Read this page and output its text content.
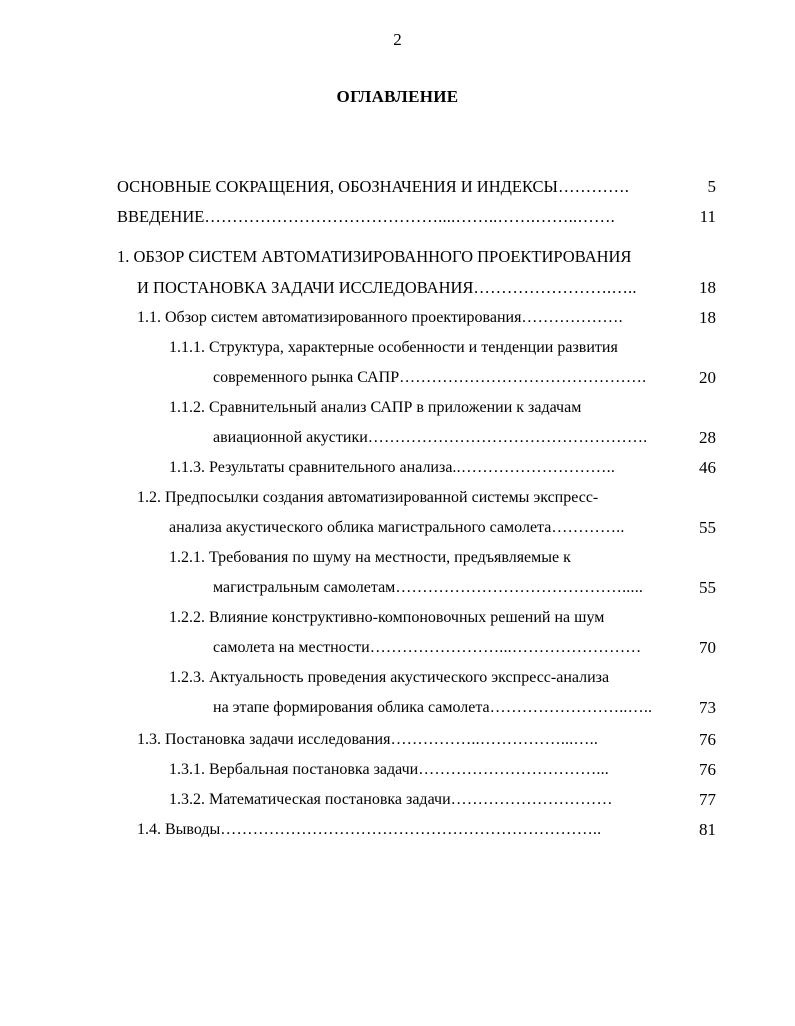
2
ОГЛАВЛЕНИЕ
ОСНОВНЫЕ СОКРАЩЕНИЯ, ОБОЗНАЧЕНИЯ И ИНДЕКСЫ………….	5
ВВЕДЕНИЕ……………………………………....……..…….……..…….	11
1. ОБЗОР СИСТЕМ АВТОМАТИЗИРОВАННОГО ПРОЕКТИРОВАНИЯ
И ПОСТАНОВКА ЗАДАЧИ ИССЛЕДОВАНИЯ…………………….…..	18
1.1. Обзор систем автоматизированного проектирования……………….	18
1.1.1. Структура, характерные особенности и тенденции развития
современного рынка САПР……………………………………….	20
1.1.2. Сравнительный анализ САПР в приложении к задачам
авиационной акустики…………………………………………….	28
1.1.3. Результаты сравнительного анализа..………………………..	46
1.2. Предпосылки создания автоматизированной системы экспресс-
анализа акустического облика магистрального самолета…………..	55
1.2.1. Требования по шуму на местности, предъявляемые к
магистральным самолетам…………………………………….....	55
1.2.2. Влияние конструктивно-компоновочных решений на шум
самолета на местности……………………...……………………	70
1.2.3. Актуальность проведения акустического экспресс-анализа
на этапе формирования облика самолета……………………..…..	73
1.3. Постановка задачи исследования……………..……………...…..	76
1.3.1. Вербальная постановка задачи……………………………...	76
1.3.2. Математическая постановка задачи…………………………	77
1.4. Выводы……………………………………………………………..	81
